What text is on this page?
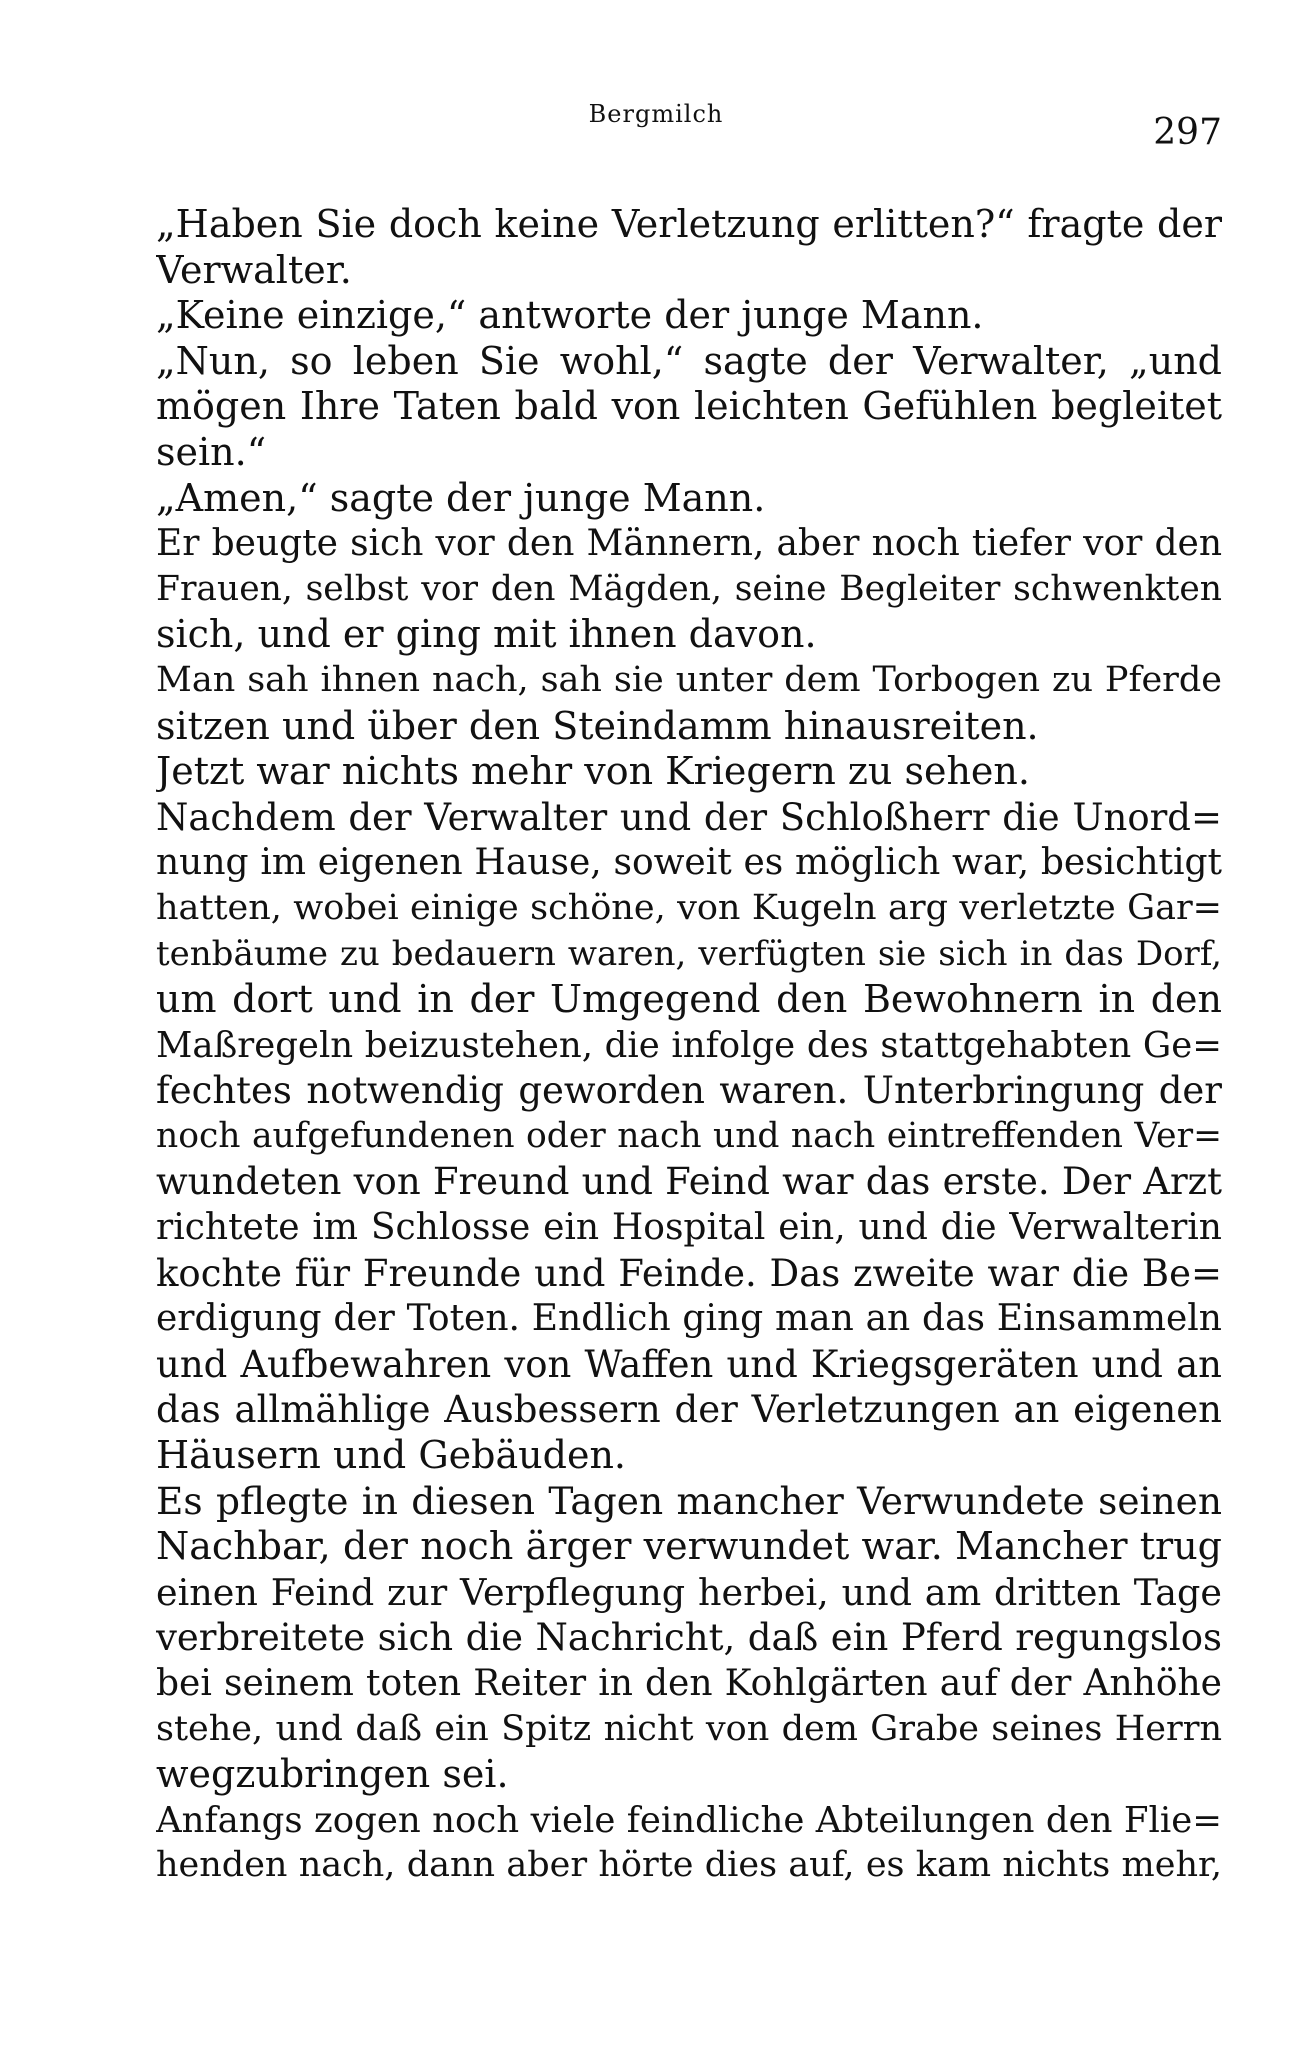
Bergmilch	297
„Haben Sie doch keine Verletzung erlitten?“ fragte der
Verwalter.
„Keine einzige,“ antworte der junge Mann.
„Nun, so leben Sie wohl,“ sagte der Verwalter, „und
mögen Ihre Taten bald von leichten Gefühlen begleitet
sein.“
„Amen,“ sagte der junge Mann.
Er beugte sich vor den Männern, aber noch tiefer vor den
Frauen, selbst vor den Mägden, seine Begleiter schwenkten
sich, und er ging mit ihnen davon.
Man sah ihnen nach, sah sie unter dem Torbogen zu Pferde
sitzen und über den Steindamm hinausreiten.
Jetzt war nichts mehr von Kriegern zu sehen.
Nachdem der Verwalter und der Schloßherr die Unord=
nung im eigenen Hause, soweit es möglich war, besichtigt
hatten, wobei einige schöne, von Kugeln arg verletzte Gar=
tenbäume zu bedauern waren, verfügten sie sich in das Dorf,
um dort und in der Umgegend den Bewohnern in den
Maßregeln beizustehen, die infolge des stattgehabten Ge=
fechtes notwendig geworden waren. Unterbringung der
noch aufgefundenen oder nach und nach eintreffenden Ver=
wundeten von Freund und Feind war das erste. Der Arzt
richtete im Schlosse ein Hospital ein, und die Verwalterin
kochte für Freunde und Feinde. Das zweite war die Be=
erdigung der Toten. Endlich ging man an das Einsammeln
und Aufbewahren von Waffen und Kriegsgeräten und an
das allmählige Ausbessern der Verletzungen an eigenen
Häusern und Gebäuden.
Es pflegte in diesen Tagen mancher Verwundete seinen
Nachbar, der noch ärger verwundet war. Mancher trug
einen Feind zur Verpflegung herbei, und am dritten Tage
verbreitete sich die Nachricht, daß ein Pferd regungslos
bei seinem toten Reiter in den Kohlgärten auf der Anhöhe
stehe, und daß ein Spitz nicht von dem Grabe seines Herrn
wegzubringen sei.
Anfangs zogen noch viele feindliche Abteilungen den Flie=
henden nach, dann aber hörte dies auf, es kam nichts mehr,
